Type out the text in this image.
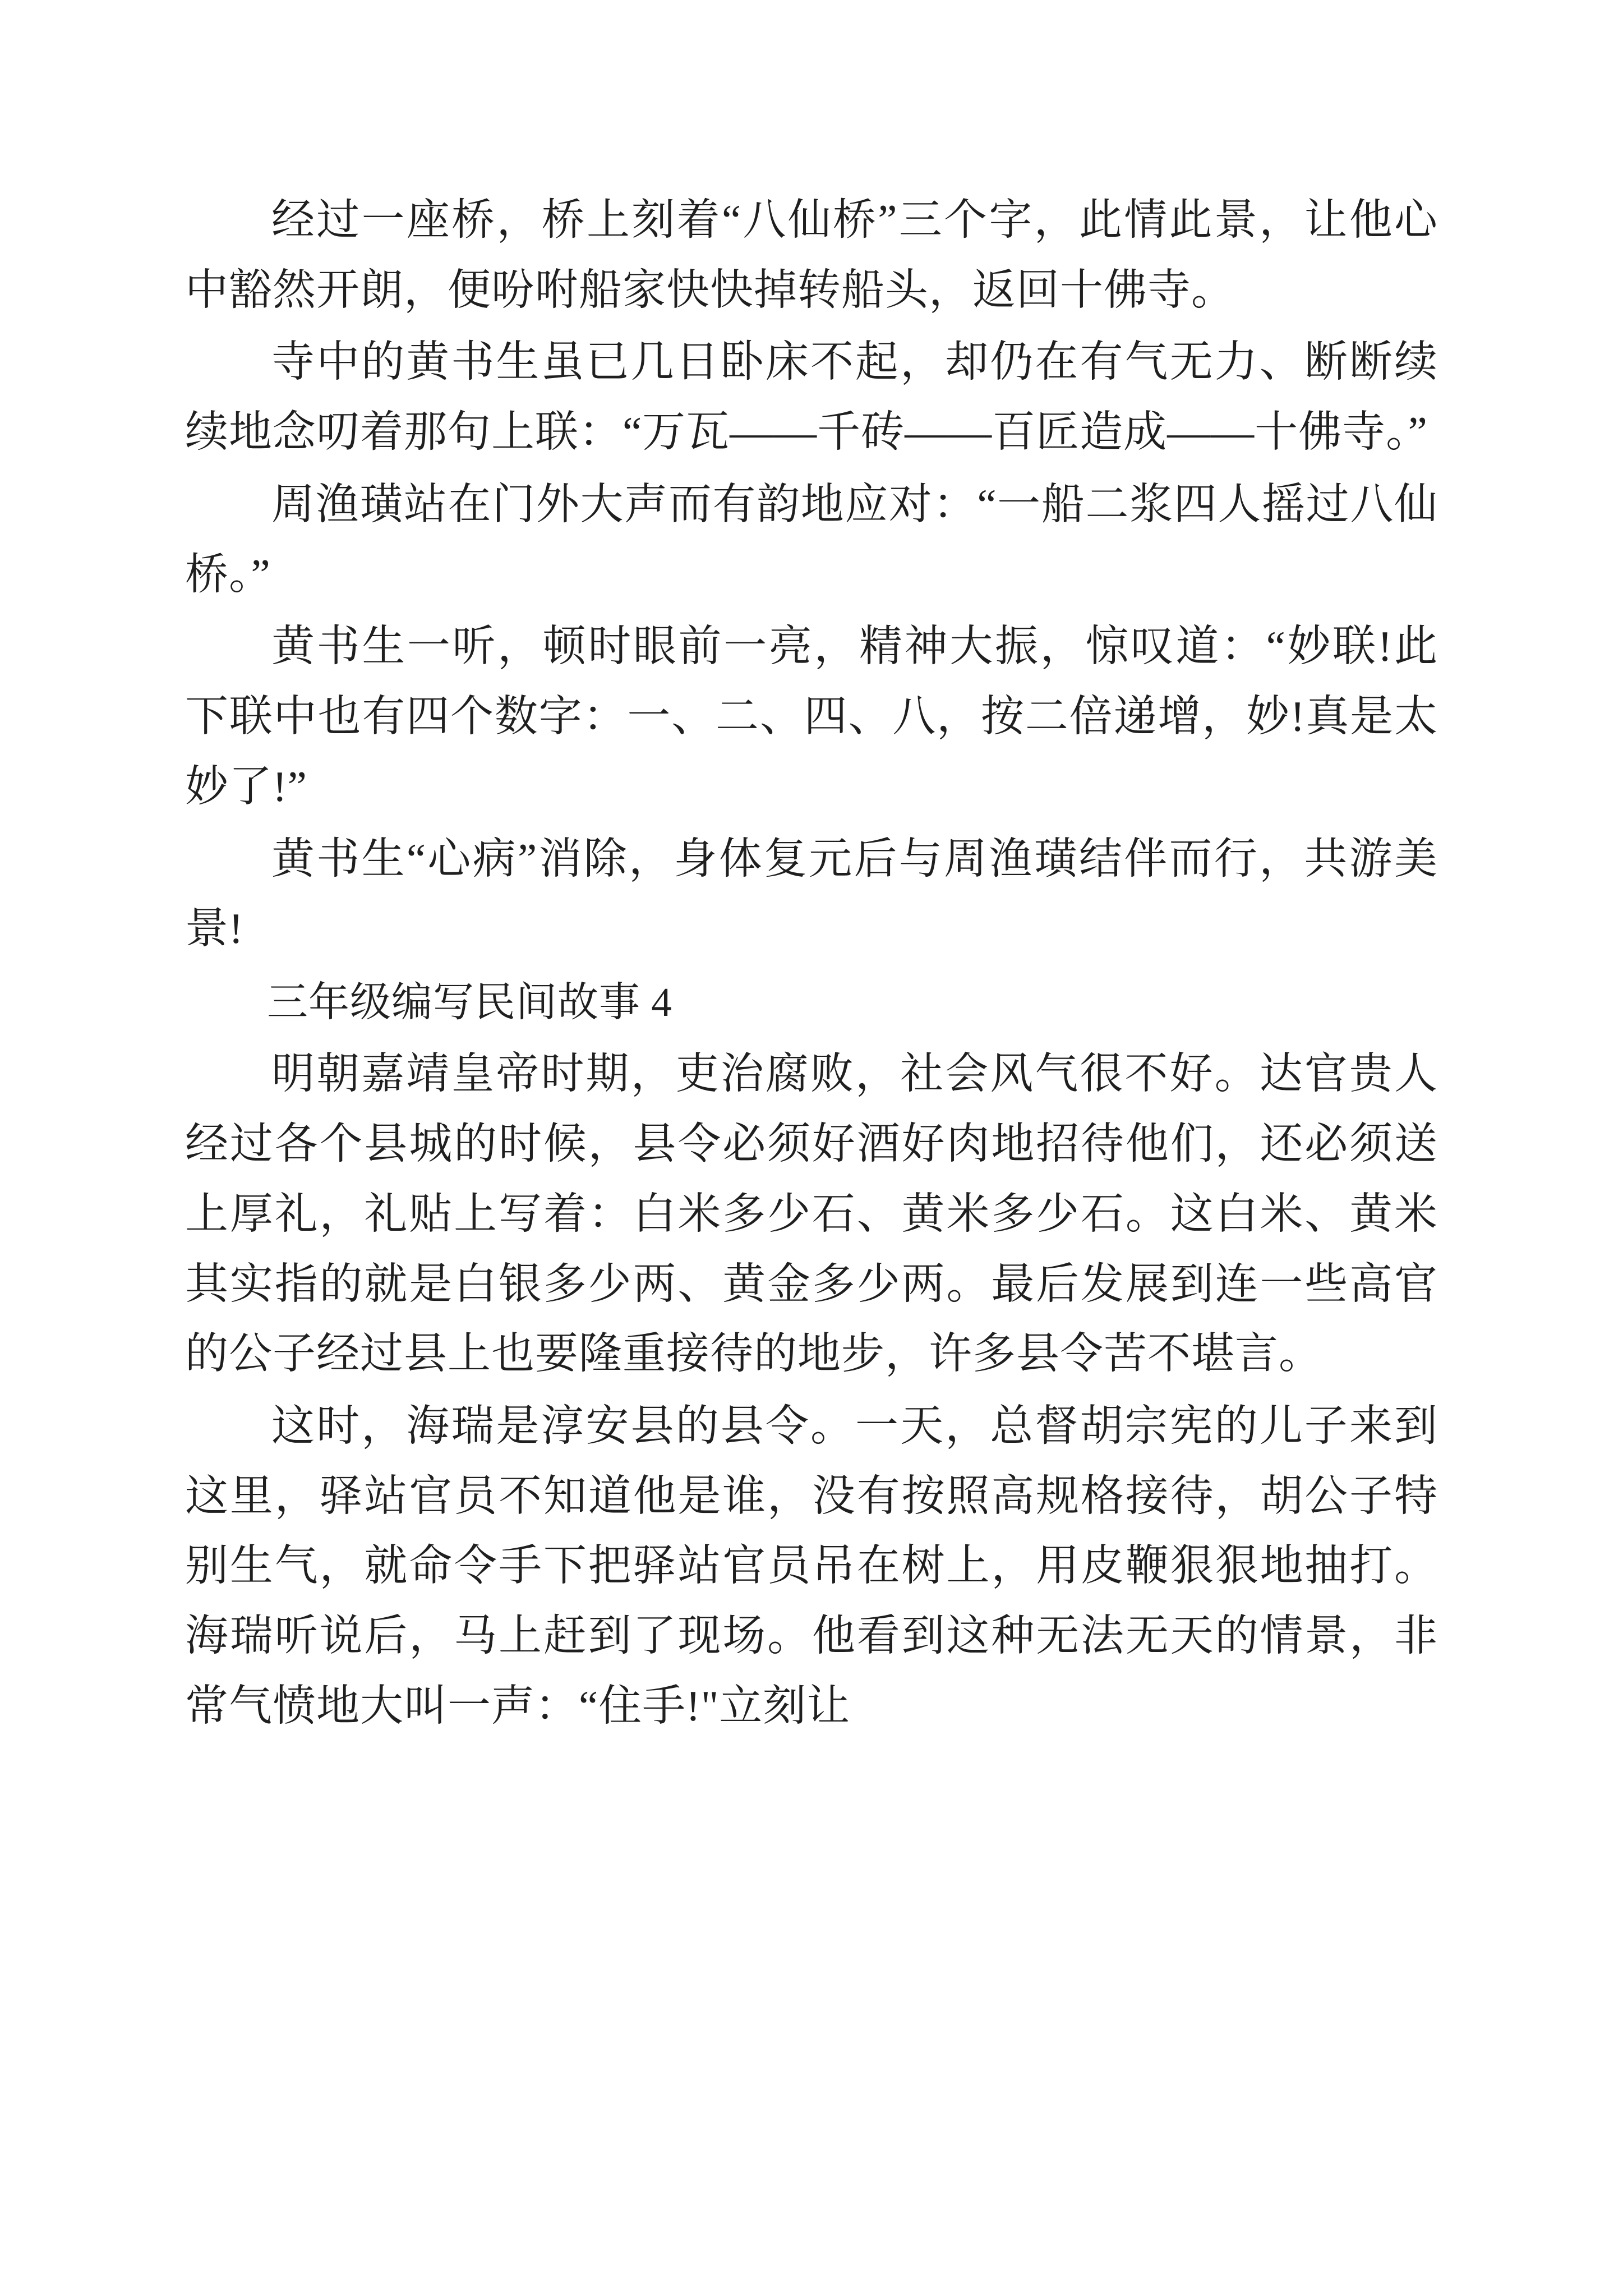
经过一座桥，桥上刻着“八仙桥”三个字，此情此景，让他心中豁然开朗，便吩咐船家快快掉转船头，返回十佛寺。

寺中的黄书生虽已几日卧床不起，却仍在有气无力、断断续续地念叨着那句上联：“万瓦——千砖——百匠造成——十佛寺。”

周渔璜站在门外大声而有韵地应对：“一船二浆四人摇过八仙桥。”

黄书生一听，顿时眼前一亮，精神大振，惊叹道：“妙联!此下联中也有四个数字：一、二、四、八，按二倍递增，妙!真是太妙了!”

黄书生“心病”消除，身体复元后与周渔璜结伴而行，共游美景!

三年级编写民间故事 4

明朝嘉靖皇帝时期，吏治腐败，社会风气很不好。达官贵人经过各个县城的时候，县令必须好酒好肉地招待他们，还必须送上厚礼，礼贴上写着：白米多少石、黄米多少石。这白米、黄米其实指的就是白银多少两、黄金多少两。最后发展到连一些高官的公子经过县上也要隆重接待的地步，许多县令苦不堪言。

这时，海瑞是淳安县的县令。一天，总督胡宗宪的儿子来到这里，驿站官员不知道他是谁，没有按照高规格接待，胡公子特别生气，就命令手下把驿站官员吊在树上，用皮鞭狠狠地抽打。海瑞听说后，马上赶到了现场。他看到这种无法无天的情景，非常气愤地大叫一声：“住手!"立刻让
